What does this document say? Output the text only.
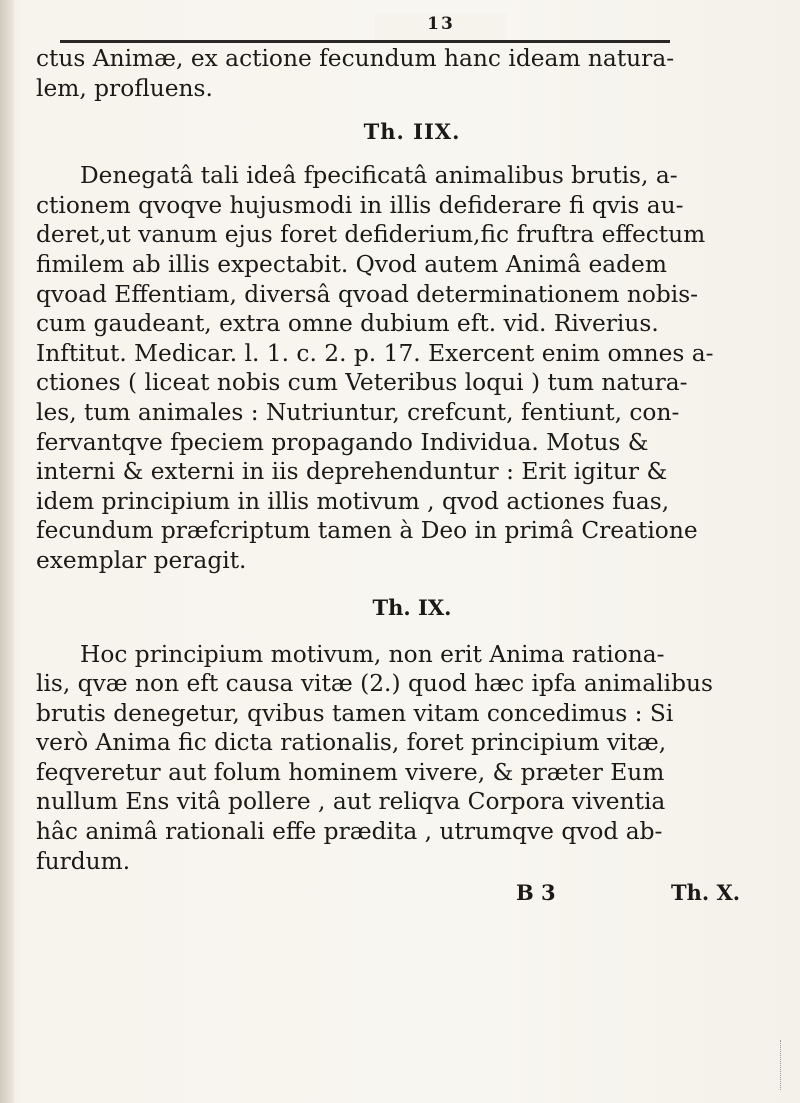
13
ctus Animæ, ex actione fecundum hanc ideam natura-
lem, profluens.
Th. IIX.
Denegatâ tali ideâ fpecificatâ animalibus brutis, a-
ctionem qvoqve hujusmodi in illis defiderare fi qvis au-
deret,ut vanum ejus foret defiderium,fic fruftra effectum
fimilem ab illis expectabit. Qvod autem Animâ eadem
qvoad Effentiam, diversâ qvoad determinationem nobis-
cum gaudeant, extra omne dubium eft. vid. Riverius.
Inftitut. Medicar. l. 1. c. 2. p. 17. Exercent enim omnes a-
ctiones ( liceat nobis cum Veteribus loqui ) tum natura-
les, tum animales : Nutriuntur, crefcunt, fentiunt, con-
fervantqve fpeciem propagando Individua. Motus &
interni & externi in iis deprehenduntur : Erit igitur &
idem principium in illis motivum , qvod actiones fuas,
fecundum præfcriptum tamen à Deo in primâ Creatione
exemplar peragit.
Th. IX.
Hoc principium motivum, non erit Anima rationa-
lis, qvæ non eft causa vitæ (2.) quod hæc ipfa animalibus
brutis denegetur, qvibus tamen vitam concedimus : Si
verò Anima fic dicta rationalis, foret principium vitæ,
feqveretur aut folum hominem vivere, & præter Eum
nullum Ens vitâ pollere , aut reliqva Corpora viventia
hâc animâ rationali effe prædita , utrumqve qvod ab-
furdum.
B 3	Th. X.
